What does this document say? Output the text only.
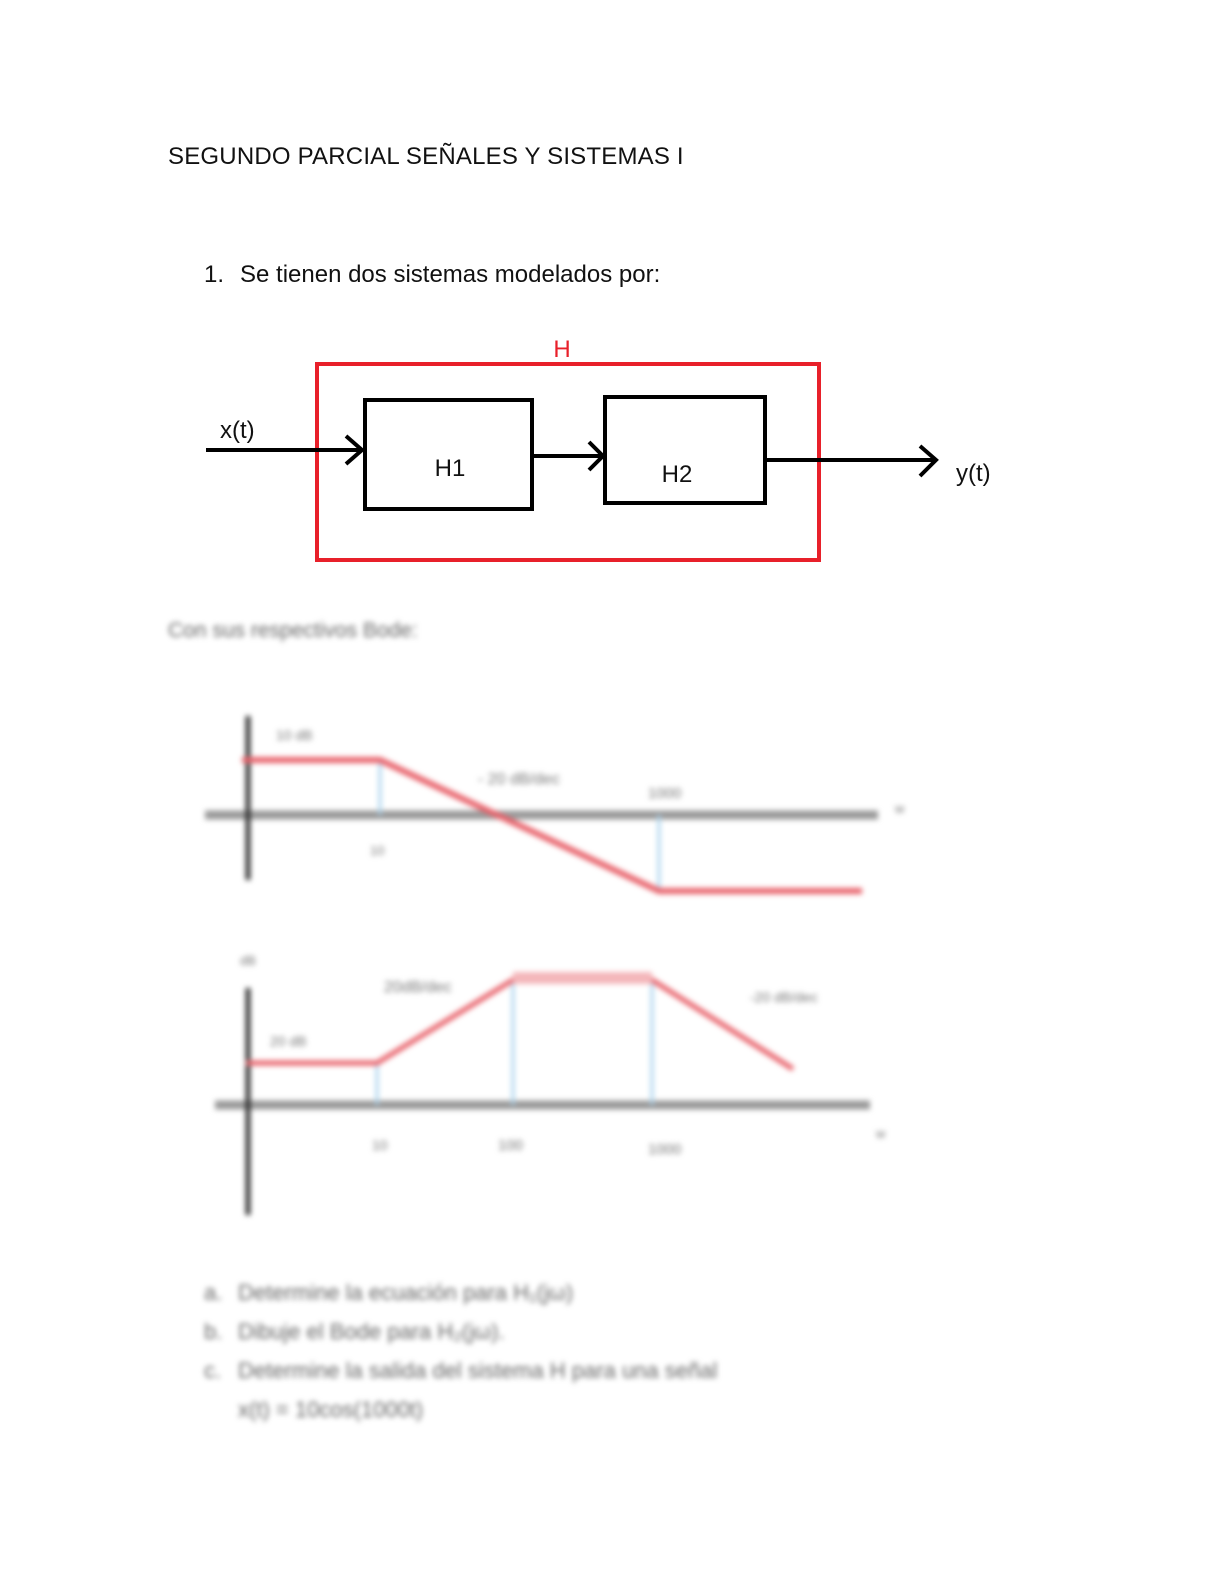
SEGUNDO PARCIAL SEÑALES Y SISTEMAS I
1. Se tienen dos sistemas modelados por:
H
H1	H2
x(t)
y(t)
Con sus respectivos Bode:
10 dB
- 20 dB/dec
10
1000
w
dB
20 dB
20dB/dec
-20 dB/dec
10	100	1000
w
a. Determine la ecuación para H₁(jω)
b. Dibuje el Bode para H₂(jω).
c. Determine la salida del sistema H para una señal
x(t) = 10cos(1000t)
